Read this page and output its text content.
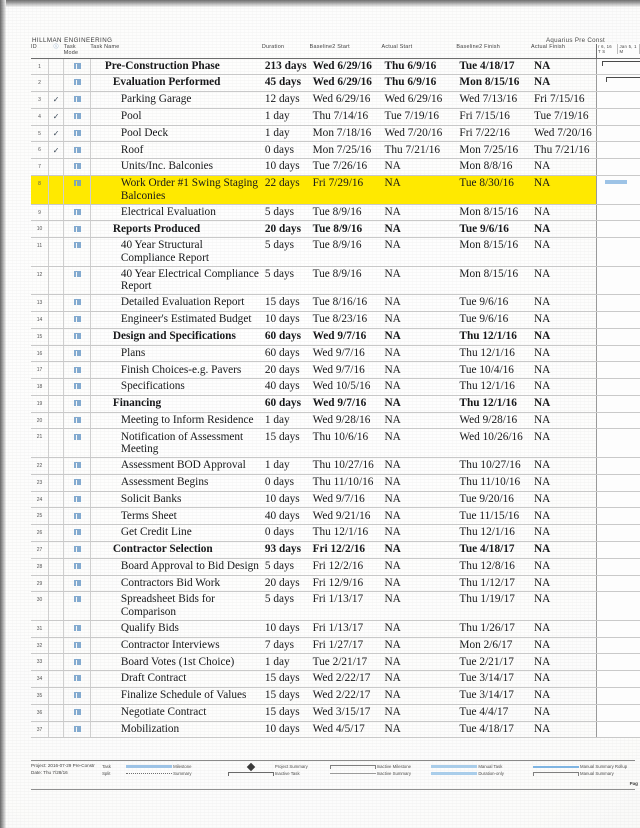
HILLMAN ENGINEERING	Aquarius Pre Const
ID	ⓘ	Task
Mode	Task Name	Duration	Baseline2 Start	Actual Start	Baseline2 Finish	Actual Finish	r 6, 16
T S
Jan 5, 1
M

1			Pre-Construction Phase	213 days	Wed 6/29/16	Thu 6/9/16	Tue 4/18/17	NA	

2			Evaluation Performed	45 days	Wed 6/29/16	Thu 6/9/16	Mon 8/15/16	NA	

3	✓		Parking Garage	12 days	Wed 6/29/16	Wed 6/29/16	Wed 7/13/16	Fri 7/15/16	
4	✓		Pool	1 day	Thu 7/14/16	Tue 7/19/16	Fri 7/15/16	Tue 7/19/16	
5	✓		Pool Deck	1 day	Mon 7/18/16	Wed 7/20/16	Fri 7/22/16	Wed 7/20/16	
6	✓		Roof	0 days	Mon 7/25/16	Thu 7/21/16	Mon 7/25/16	Thu 7/21/16	
7			Units/Inc. Balconies	10 days	Tue 7/26/16	NA	Mon 8/8/16	NA	
8			Work Order #1 Swing Staging Balconies	22 days	Fri 7/29/16	NA	Tue 8/30/16	NA	

9			Electrical Evaluation	5 days	Tue 8/9/16	NA	Mon 8/15/16	NA	
10			Reports Produced	20 days	Tue 8/9/16	NA	Tue 9/6/16	NA	
11			40 Year Structural Compliance Report	5 days	Tue 8/9/16	NA	Mon 8/15/16	NA	
12			40 Year Electrical Compliance Report	5 days	Tue 8/9/16	NA	Mon 8/15/16	NA	
13			Detailed Evaluation Report	15 days	Tue 8/16/16	NA	Tue 9/6/16	NA	
14			Engineer's Estimated Budget	10 days	Tue 8/23/16	NA	Tue 9/6/16	NA	
15			Design and Specifications	60 days	Wed 9/7/16	NA	Thu 12/1/16	NA	
16			Plans	60 days	Wed 9/7/16	NA	Thu 12/1/16	NA	
17			Finish Choices-e.g. Pavers	20 days	Wed 9/7/16	NA	Tue 10/4/16	NA	
18			Specifications	40 days	Wed 10/5/16	NA	Thu 12/1/16	NA	
19			Financing	60 days	Wed 9/7/16	NA	Thu 12/1/16	NA	
20			Meeting to Inform Residence	1 day	Wed 9/28/16	NA	Wed 9/28/16	NA	
21			Notification of Assessment Meeting	15 days	Thu 10/6/16	NA	Wed 10/26/16	NA	
22			Assessment BOD Approval	1 day	Thu 10/27/16	NA	Thu 10/27/16	NA	
23			Assessment Begins	0 days	Thu 11/10/16	NA	Thu 11/10/16	NA	
24			Solicit Banks	10 days	Wed 9/7/16	NA	Tue 9/20/16	NA	
25			Terms Sheet	40 days	Wed 9/21/16	NA	Tue 11/15/16	NA	
26			Get Credit Line	0 days	Thu 12/1/16	NA	Thu 12/1/16	NA	
27			Contractor Selection	93 days	Fri 12/2/16	NA	Tue 4/18/17	NA	
28			Board Approval to Bid Design	5 days	Fri 12/2/16	NA	Thu 12/8/16	NA	
29			Contractors Bid Work	20 days	Fri 12/9/16	NA	Thu 1/12/17	NA	
30			Spreadsheet Bids for Comparison	5 days	Fri 1/13/17	NA	Thu 1/19/17	NA	
31			Qualify Bids	10 days	Fri 1/13/17	NA	Thu 1/26/17	NA	
32			Contractor Interviews	7 days	Fri 1/27/17	NA	Mon 2/6/17	NA	
33			Board Votes (1st Choice)	1 day	Tue 2/21/17	NA	Tue 2/21/17	NA	
34			Draft Contract	15 days	Wed 2/22/17	NA	Tue 3/14/17	NA	
35			Finalize Schedule of Values	15 days	Wed 2/22/17	NA	Tue 3/14/17	NA	
36			Negotiate Contract	15 days	Wed 3/15/17	NA	Tue 4/4/17	NA	
37			Mobilization	10 days	Wed 4/5/17	NA	Tue 4/18/17	NA	
Project: 2016-07-29 Pre-Constr	Task	Milestone	Project Summary	Inactive Milestone	Manual Task	Manual Summary Rollup
Date: Thu 7/28/16	Split	Summary	Inactive Task	Inactive Summary	Duration-only	Manual Summary
Pag
